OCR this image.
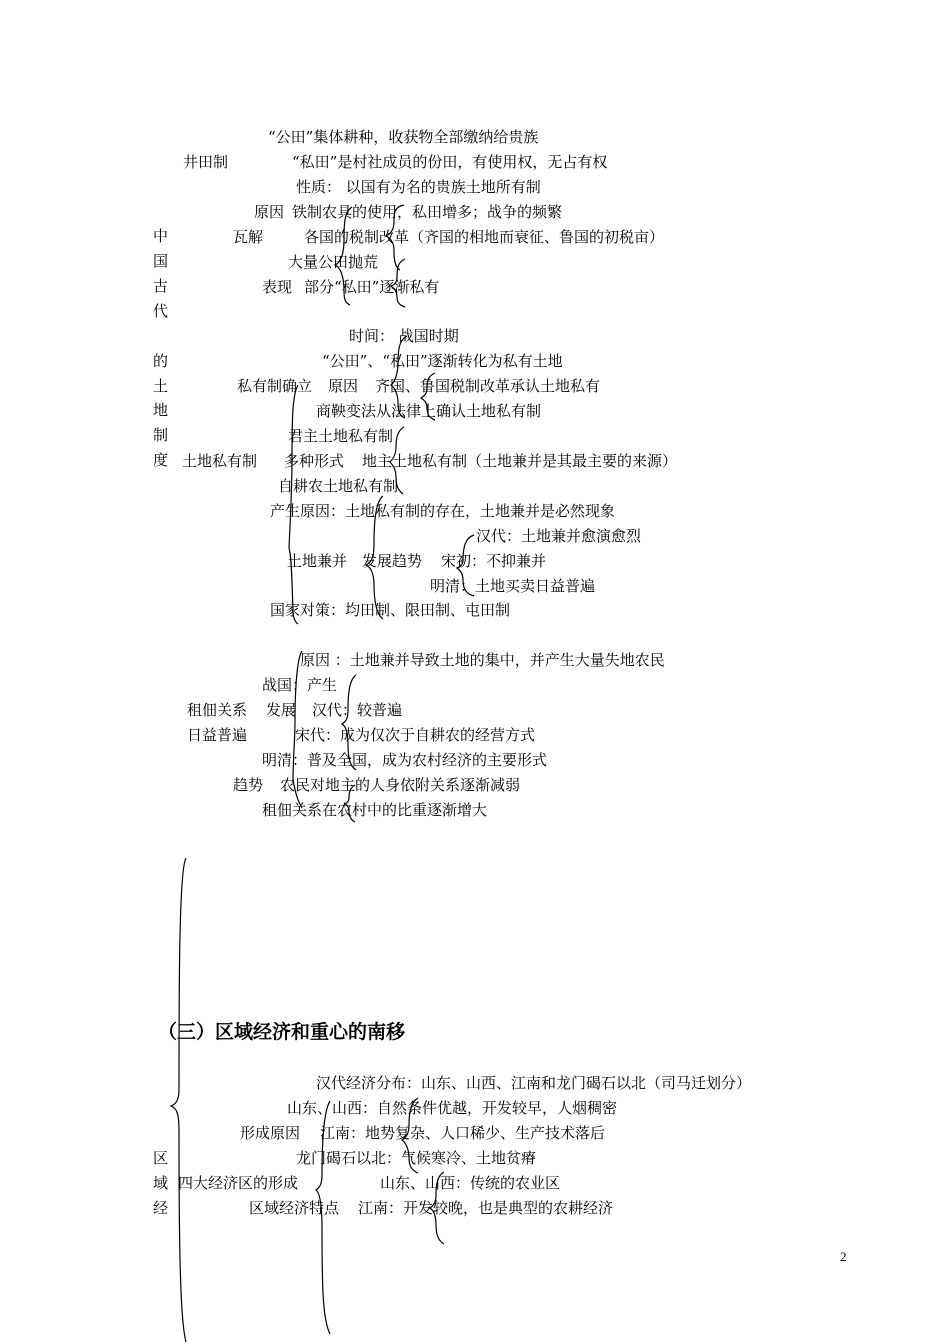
中
国
古
代
的
土
地
制
度
“公田”集体耕种，收获物全部缴纳给贵族
井田制	“私田”是村社成员的份田，有使用权，无占有权
性质： 以国有为名的贵族土地所有制
原因 铁制农具的使用，私田增多；战争的频繁
瓦解	各国的税制改革（齐国的相地而衰征、鲁国的初税亩）
大量公田抛荒
表现 部分“私田”逐渐私有
时间： 战国时期
“公田”、“私田”逐渐转化为私有土地
私有制确立 原因 齐国、鲁国税制改革承认土地私有
商鞅变法从法律上确认土地私有制
君主土地私有制
土地私有制 多种形式 地主土地私有制（土地兼并是其最主要的来源）
自耕农土地私有制
产生原因：土地私有制的存在，土地兼并是必然现象
汉代：土地兼并愈演愈烈
土地兼并 发展趋势 宋初：不抑兼并
明清：土地买卖日益普遍
国家对策：均田制、限田制、屯田制
原因 ：土地兼并导致土地的集中，并产生大量失地农民
战国：产生
租佃关系 发展 汉代：较普遍
日益普遍	宋代：成为仅次于自耕农的经营方式
明清：普及全国，成为农村经济的主要形式
趋势 农民对地主的人身依附关系逐渐减弱
租佃关系在农村中的比重逐渐增大
（三）区域经济和重心的南移
汉代经济分布：山东、山西、江南和龙门碣石以北（司马迁划分）
山东、山西：自然条件优越，开发较早，人烟稠密
形成原因 江南：地势复杂、人口稀少、生产技术落后
区	龙门碣石以北：气候寒冷、土地贫瘠
域 四大经济区的形成	山东、山西：传统的农业区
经	区域经济特点 江南：开发较晚，也是典型的农耕经济
2
